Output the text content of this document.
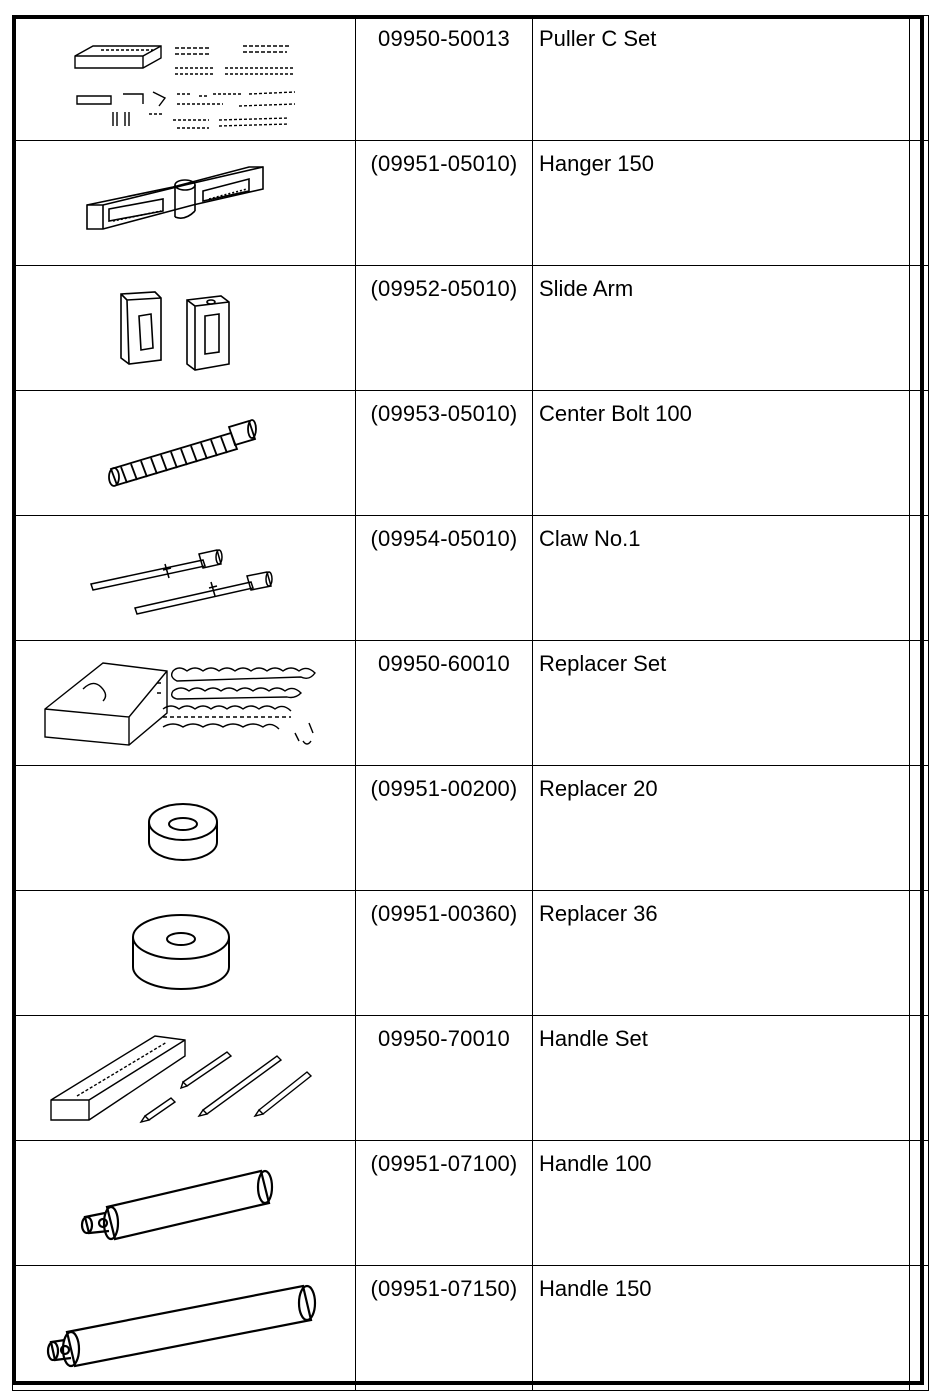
09950-50013	Puller C Set	

(09951-05010)	Hanger 150	

(09952-05010)	Slide Arm	

(09953-05010)	Center Bolt 100	

(09954-05010)	Claw No.1	

09950-60010	Replacer Set	

(09951-00200)	Replacer 20	

(09951-00360)	Replacer 36	

09950-70010	Handle Set	

(09951-07100)	Handle 100	

(09951-07150)	Handle 150	
